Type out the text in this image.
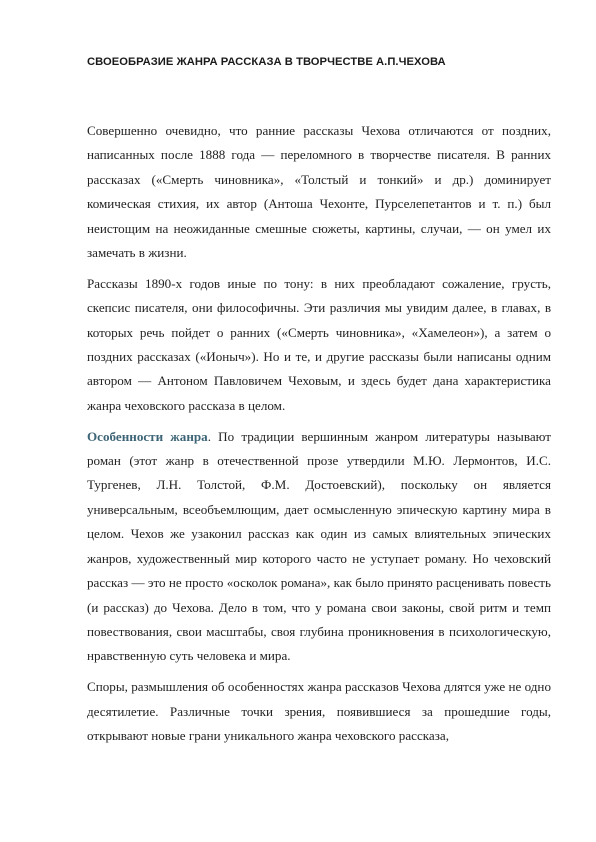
СВОЕОБРАЗИЕ ЖАНРА РАССКАЗА В ТВОРЧЕСТВЕ А.П.ЧЕХОВА

Совершенно очевидно, что ранние рассказы Чехова отличаются от поздних, написанных после 1888 года — переломного в творчестве писателя. В ранних рассказах («Смерть чиновника», «Толстый и тонкий» и др.) доминирует комическая стихия, их автор (Антоша Чехонте, Пурселепетантов и т. п.) был неистощим на неожиданные смешные сюжеты, картины, случаи, — он умел их замечать в жизни.

Рассказы 1890-х годов иные по тону: в них преобладают сожаление, грусть, скепсис писателя, они философичны. Эти различия мы увидим далее, в главах, в которых речь пойдет о ранних («Смерть чиновника», «Хамелеон»), а затем о поздних рассказах («Ионыч»). Но и те, и другие рассказы были написаны одним автором — Антоном Павловичем Чеховым, и здесь будет дана характеристика жанра чеховского рассказа в целом.

Особенности жанра. По традиции вершинным жанром литературы называют роман (этот жанр в отечественной прозе утвердили М.Ю. Лермонтов, И.С. Тургенев, Л.Н. Толстой, Ф.М. Достоевский), поскольку он является универсальным, всеобъемлющим, дает осмысленную эпическую картину мира в целом. Чехов же узаконил рассказ как один из самых влиятельных эпических жанров, художественный мир которого часто не уступает роману. Но чеховский рассказ — это не просто «осколок романа», как было принято расценивать повесть (и рассказ) до Чехова. Дело в том, что у романа свои законы, свой ритм и темп повествования, свои масштабы, своя глубина проникновения в психологическую, нравственную суть человека и мира.

Споры, размышления об особенностях жанра рассказов Чехова длятся уже не одно десятилетие. Различные точки зрения, появившиеся за прошедшие годы, открывают новые грани уникального жанра чеховского рассказа,
